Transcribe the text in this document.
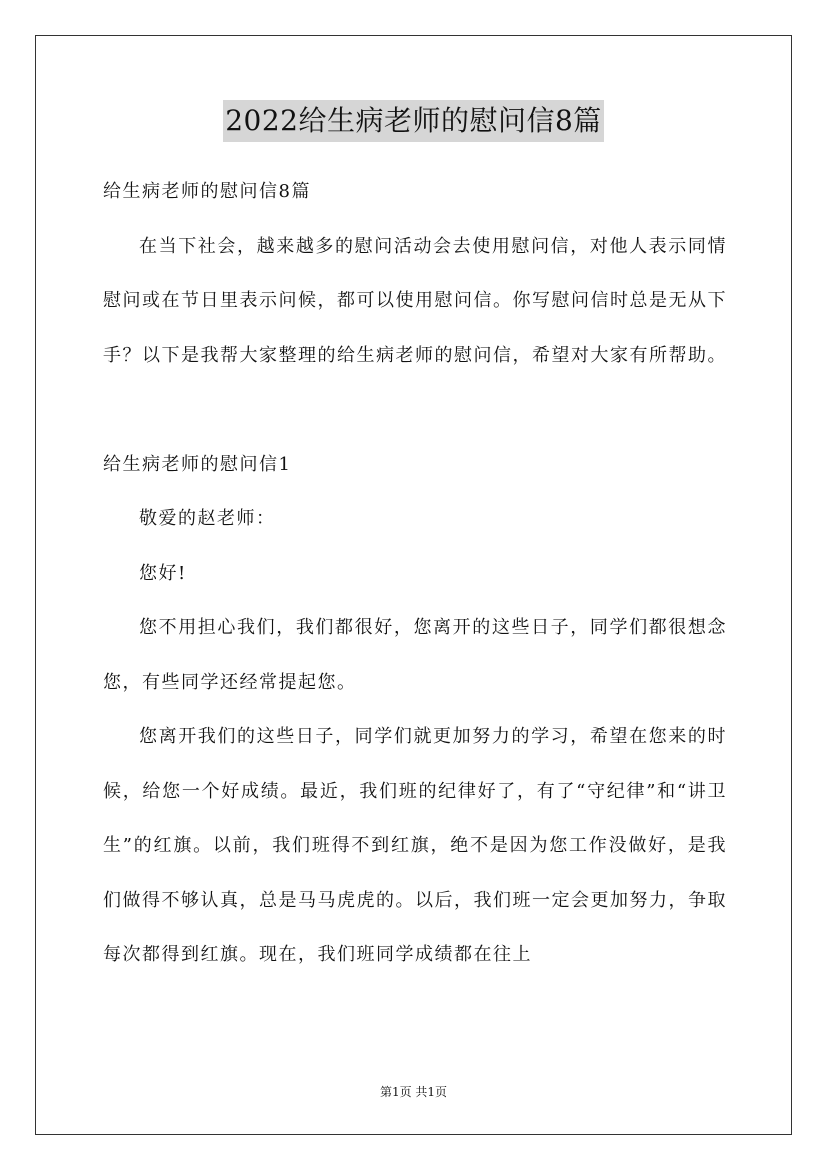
2022给生病老师的慰问信8篇

给生病老师的慰问信8篇

在当下社会，越来越多的慰问活动会去使用慰问信，对他人表示同情慰问或在节日里表示问候，都可以使用慰问信。你写慰问信时总是无从下手？以下是我帮大家整理的给生病老师的慰问信，希望对大家有所帮助。

给生病老师的慰问信1

敬爱的赵老师：

您好!

您不用担心我们，我们都很好，您离开的这些日子，同学们都很想念您，有些同学还经常提起您。

您离开我们的这些日子，同学们就更加努力的学习，希望在您来的时候，给您一个好成绩。最近，我们班的纪律好了，有了“守纪律”和“讲卫生”的红旗。以前，我们班得不到红旗，绝不是因为您工作没做好，是我们做得不够认真，总是马马虎虎的。以后，我们班一定会更加努力，争取每次都得到红旗。现在，我们班同学成绩都在往上

第1页 共1页
